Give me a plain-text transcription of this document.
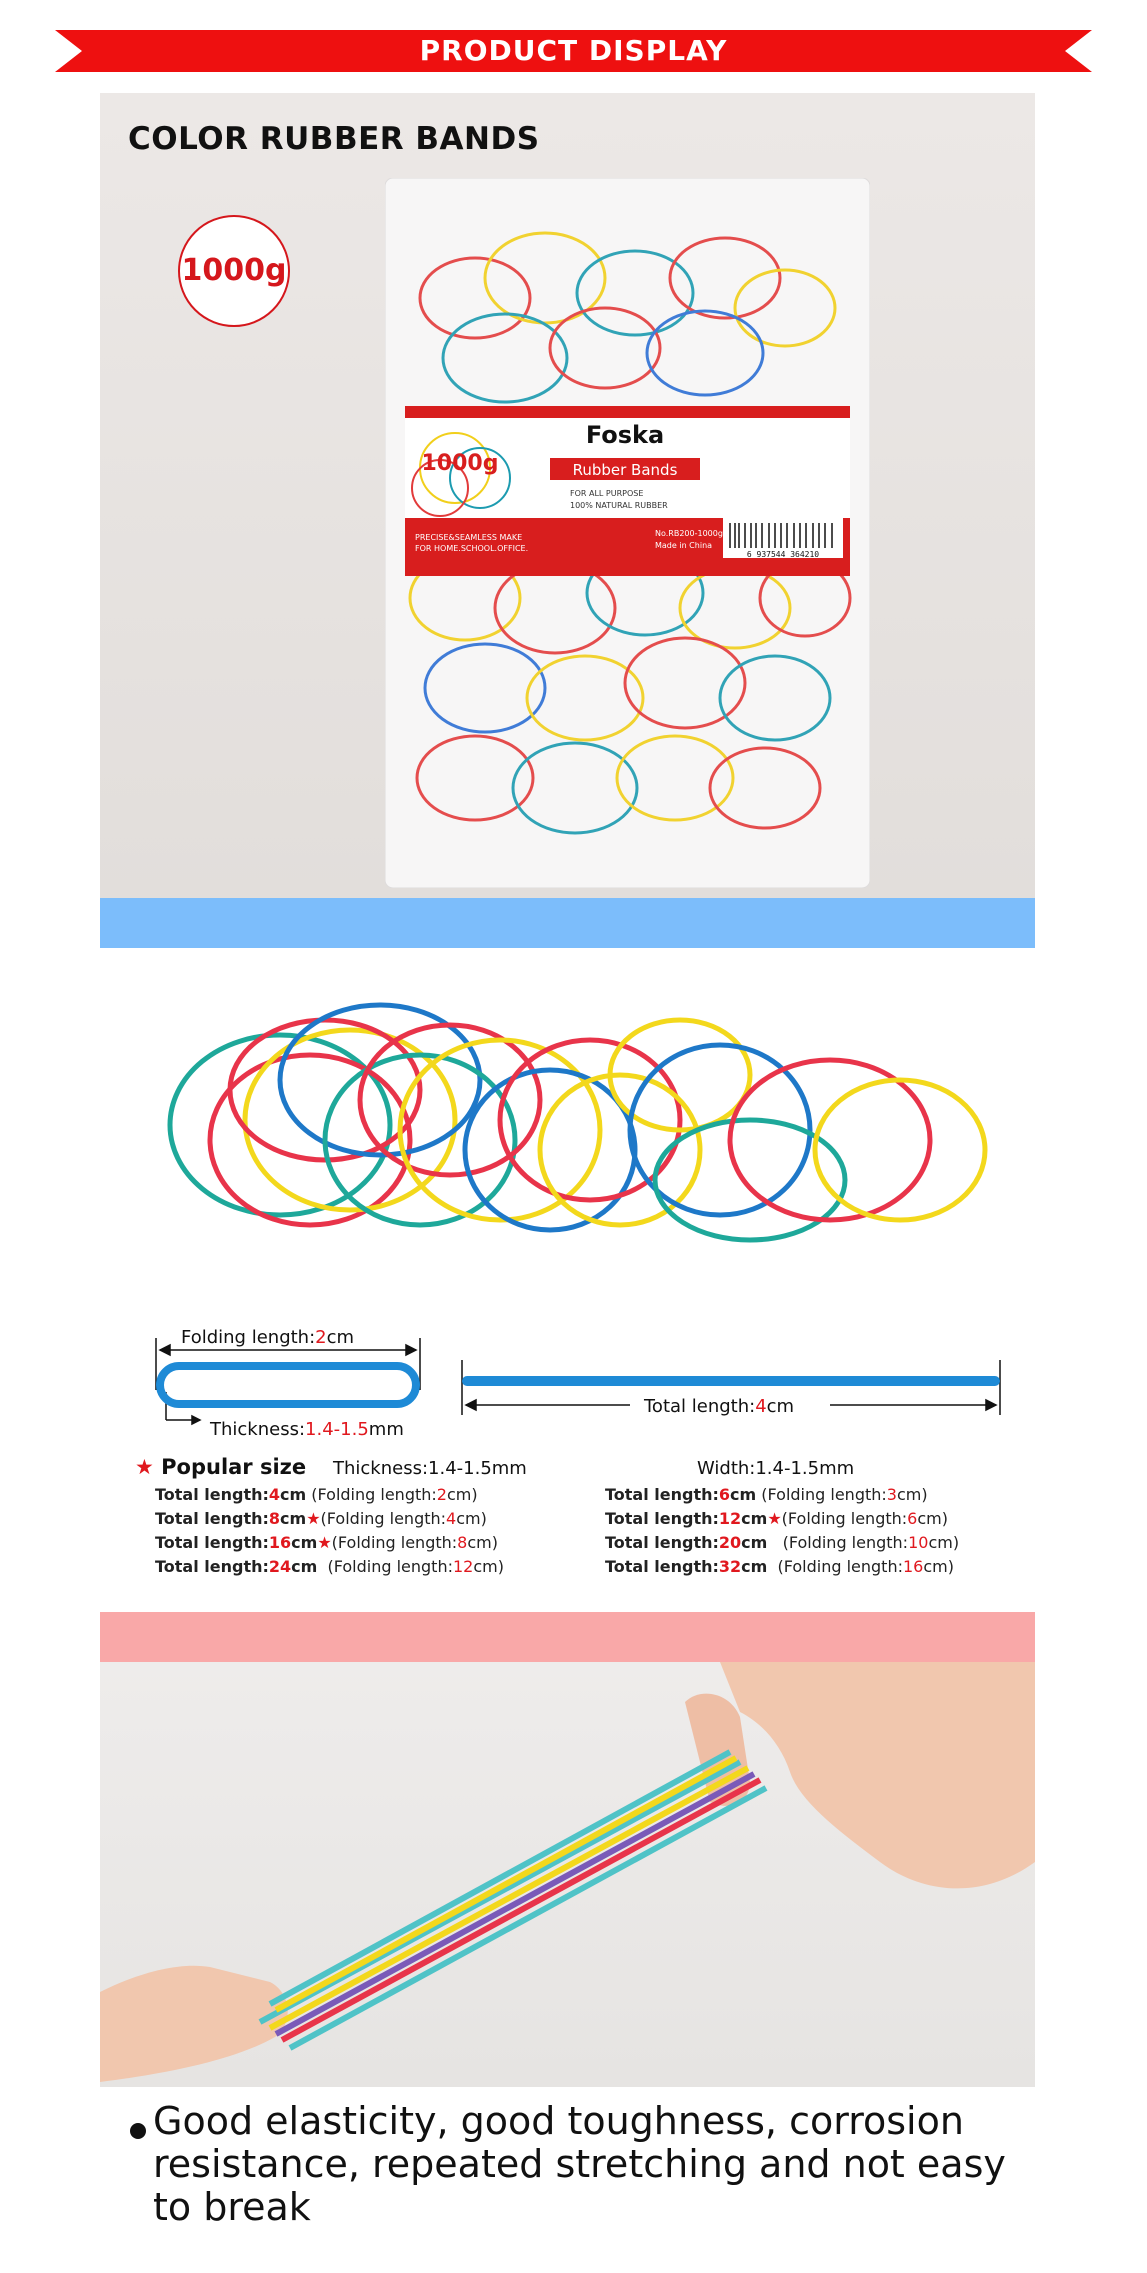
PRODUCT DISPLAY
COLOR RUBBER BANDS
1000g
1000g
Foska
Rubber Bands
FOR ALL PURPOSE
100% NATURAL RUBBER
PRECISE&SEAMLESS MAKE
FOR HOME.SCHOOL.OFFICE.
No.RB200-1000g
Made in China
6 937544 364210
Folding length:2cm
Thickness:1.4-1.5mm
Total length:4cm
★ Popular size Thickness:1.4-1.5mm	Width:1.4-1.5mm
Total length:4cm (Folding length:2cm)
Total length:8cm★(Folding length:4cm)
Total length:16cm★(Folding length:8cm)
Total length:24cm  (Folding length:12cm)
Total length:6cm (Folding length:3cm)
Total length:12cm★(Folding length:6cm)
Total length:20cm   (Folding length:10cm)
Total length:32cm  (Folding length:16cm)
Good elasticity, good toughness, corrosion resistance, repeated stretching and not easy to break
